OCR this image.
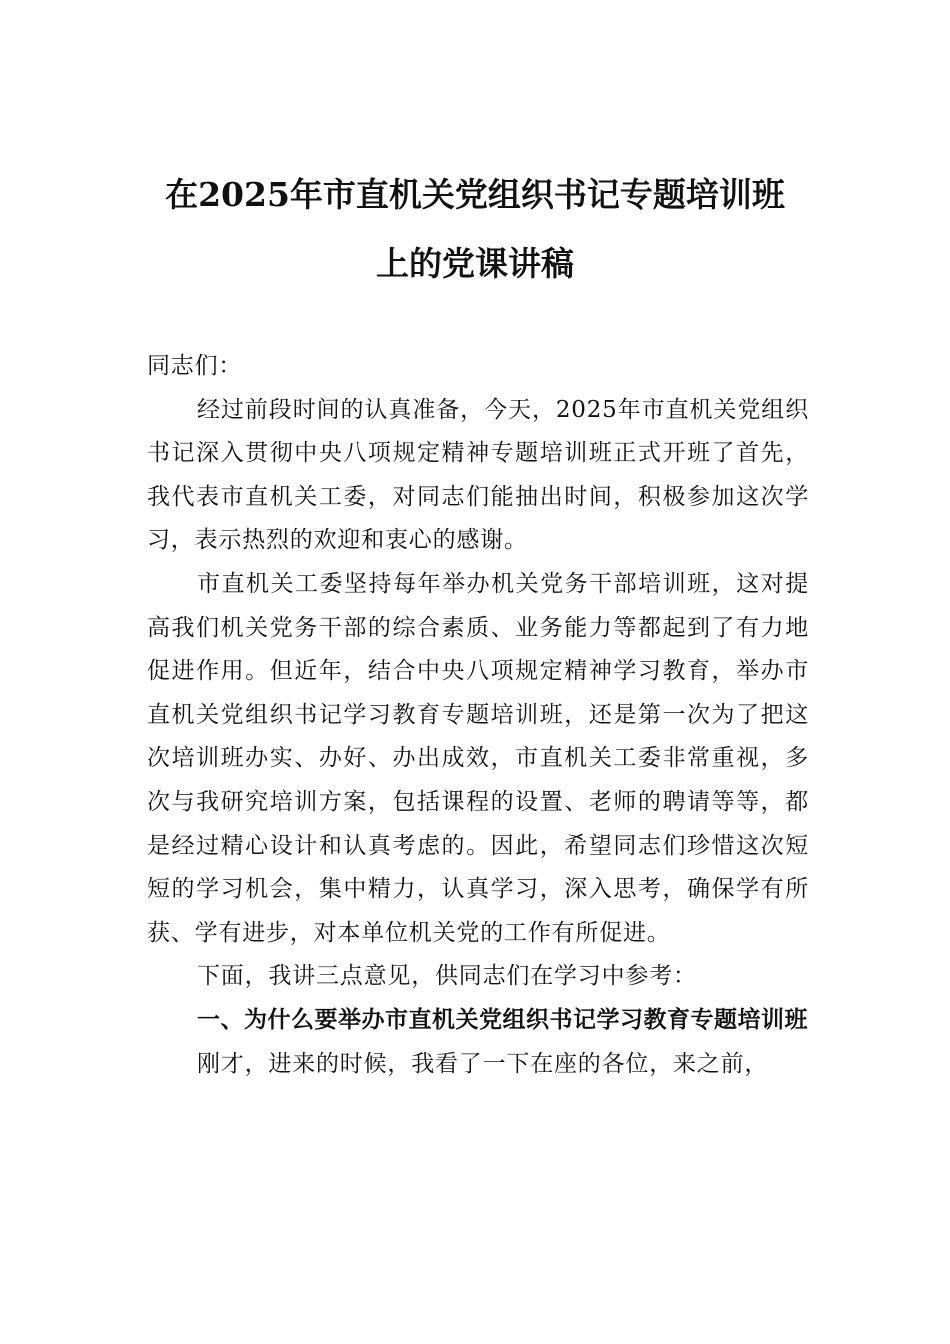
在2025年市直机关党组织书记专题培训班
上的党课讲稿

同志们：

经过前段时间的认真准备，今天，2025年市直机关党组织书记深入贯彻中央八项规定精神专题培训班正式开班了首先，我代表市直机关工委，对同志们能抽出时间，积极参加这次学习，表示热烈的欢迎和衷心的感谢。

市直机关工委坚持每年举办机关党务干部培训班，这对提高我们机关党务干部的综合素质、业务能力等都起到了有力地促进作用。但近年，结合中央八项规定精神学习教育，举办市直机关党组织书记学习教育专题培训班，还是第一次为了把这次培训班办实、办好、办出成效，市直机关工委非常重视，多次与我研究培训方案，包括课程的设置、老师的聘请等等，都是经过精心设计和认真考虑的。因此，希望同志们珍惜这次短短的学习机会，集中精力，认真学习，深入思考，确保学有所获、学有进步，对本单位机关党的工作有所促进。

下面，我讲三点意见，供同志们在学习中参考：

一、为什么要举办市直机关党组织书记学习教育专题培训班

刚才，进来的时候，我看了一下在座的各位，来之前，
